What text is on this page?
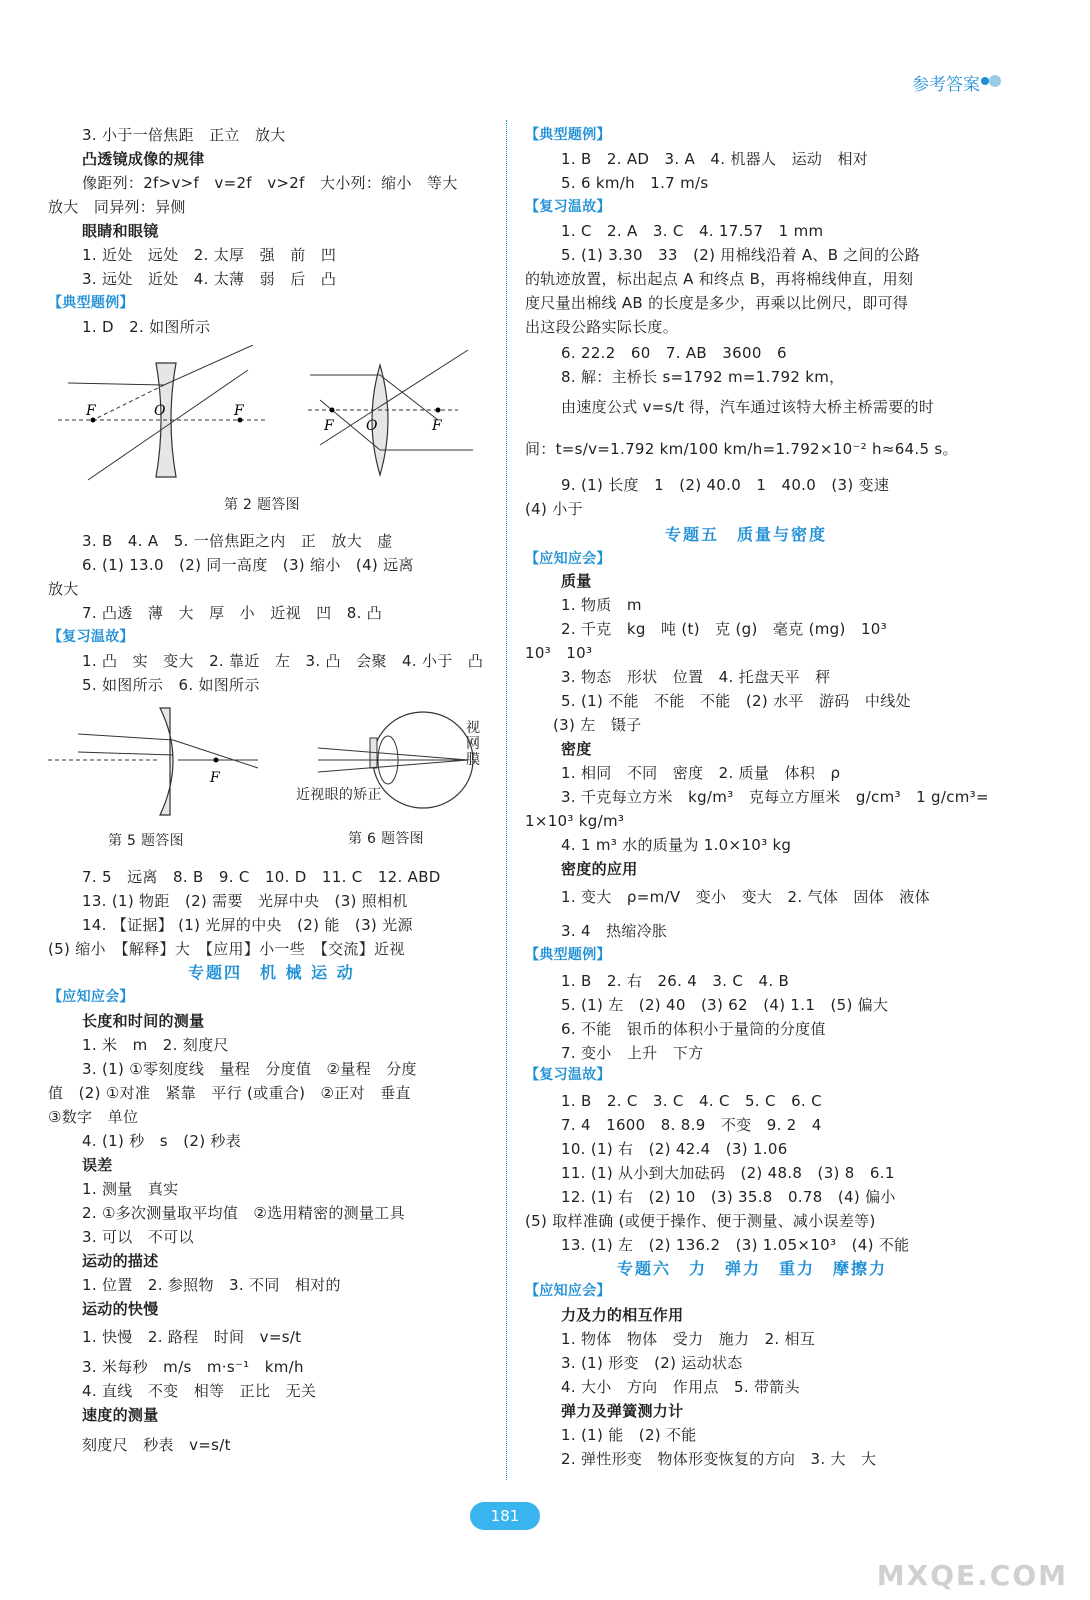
参考答案
3. 小于一倍焦距　正立　放大
凸透镜成像的规律
像距列：2f>v>f　v=2f　v>2f　大小列：缩小　等大
放大　同异列：异侧
眼睛和眼镜
1. 近处　远处　2. 太厚　强　前　凹
3. 远处　近处　4. 太薄　弱　后　凸
【典型题例】
1. D　2. 如图所示
F	O	F
F O	F
第 2 题答图
3. B　4. A　5. 一倍焦距之内　正　放大　虚
6. (1) 13.0　(2) 同一高度　(3) 缩小　(4) 远离
放大
7. 凸透　薄　大　厚　小　近视　凹　8. 凸
【复习温故】
1. 凸　实　变大　2. 靠近　左　3. 凸　会聚　4. 小于　凸
5. 如图所示　6. 如图所示
F
视网膜
近视眼的矫正
第 5 题答图	第 6 题答图
7. 5　远离　8. B　9. C　10. D　11. C　12. ABD
13. (1) 物距　(2) 需要　光屏中央　(3) 照相机
14. 【证据】 (1) 光屏的中央　(2) 能　(3) 光源
(5) 缩小　【解释】大　【应用】小一些　【交流】近视
专题四　机 械 运 动
【应知应会】
长度和时间的测量
1. 米　m　2. 刻度尺
3. (1) ①零刻度线　量程　分度值　②量程　分度
值　(2) ①对准　紧靠　平行 (或重合)　②正对　垂直
③数字　单位
4. (1) 秒　s　(2) 秒表
误差
1. 测量　真实
2. ①多次测量取平均值　②选用精密的测量工具
3. 可以　不可以
运动的描述
1. 位置　2. 参照物　3. 不同　相对的
运动的快慢
1. 快慢　2. 路程　时间　v=s/t
3. 米每秒　m/s　m·s⁻¹　km/h
4. 直线　不变　相等　正比　无关
速度的测量
刻度尺　秒表　v=s/t
【典型题例】
1. B　2. AD　3. A　4. 机器人　运动　相对
5. 6 km/h　1.7 m/s
【复习温故】
1. C　2. A　3. C　4. 17.57　1 mm
5. (1) 3.30　33　(2) 用棉线沿着 A、B 之间的公路
的轨迹放置，标出起点 A 和终点 B，再将棉线伸直，用刻
度尺量出棉线 AB 的长度是多少，再乘以比例尺，即可得
出这段公路实际长度。
6. 22.2　60　7. AB　3600　6
8. 解：主桥长 s=1792 m=1.792 km，
由速度公式 v=s/t 得，汽车通过该特大桥主桥需要的时
间：t=s/v=1.792 km/100 km/h=1.792×10⁻² h≈64.5 s。
9. (1) 长度　1　(2) 40.0　1　40.0　(3) 变速
(4) 小于
专题五　质量与密度
【应知应会】
质量
1. 物质　m
2. 千克　kg　吨 (t)　克 (g)　毫克 (mg)　10³
10³　10³
3. 物态　形状　位置　4. 托盘天平　秤
5. (1) 不能　不能　不能　(2) 水平　游码　中线处
(3) 左　镊子
密度
1. 相同　不同　密度　2. 质量　体积　ρ
3. 千克每立方米　kg/m³　克每立方厘米　g/cm³　1 g/cm³=
1×10³ kg/m³
4. 1 m³ 水的质量为 1.0×10³ kg
密度的应用
1. 变大　ρ=m/V　变小　变大　2. 气体　固体　液体
3. 4　热缩冷胀
【典型题例】
1. B　2. 右　26. 4　3. C　4. B
5. (1) 左　(2) 40　(3) 62　(4) 1.1　(5) 偏大
6. 不能　银币的体积小于量筒的分度值
7. 变小　上升　下方
【复习温故】
1. B　2. C　3. C　4. C　5. C　6. C
7. 4　1600　8. 8.9　不变　9. 2　4
10. (1) 右　(2) 42.4　(3) 1.06
11. (1) 从小到大加砝码　(2) 48.8　(3) 8　6.1
12. (1) 右　(2) 10　(3) 35.8　0.78　(4) 偏小
(5) 取样准确 (或便于操作、便于测量、减小误差等)
13. (1) 左　(2) 136.2　(3) 1.05×10³　(4) 不能
专题六　力　弹力　重力　摩擦力
【应知应会】
力及力的相互作用
1. 物体　物体　受力　施力　2. 相互
3. (1) 形变　(2) 运动状态
4. 大小　方向　作用点　5. 带箭头
弹力及弹簧测力计
1. (1) 能　(2) 不能
2. 弹性形变　物体形变恢复的方向　3. 大　大
181
MXQE.COM
